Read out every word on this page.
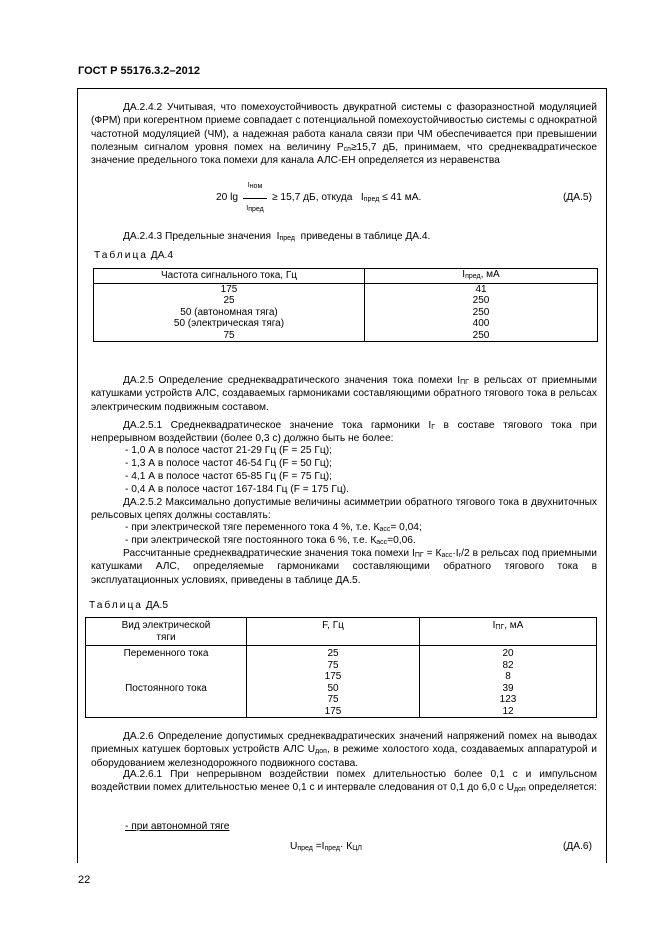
ГОСТ Р 55176.3.2–2012
ДА.2.4.2 Учитывая, что помехоустойчивость двукратной системы с фазоразностной модуляцией (ФРМ) при когерентном приеме совпадает с потенциальной помехоустойчивостью системы с однократной частотной модуляцией (ЧМ), а надежная работа канала связи при ЧМ обеспечивается при превышении полезным сигналом уровня помех на величину $Р_{сп}\ge 15,7$ дБ, принимаем, что среднеквадратическое значение предельного тока помехи для канала АЛС-ЕН определяется из неравенства
20 lg
$I_{ном}$
$I_{пред}$
≥ 15,7 дБ, откуда $I_{пред} \le 41$ мА.	(ДА.5)
ДА.2.4.3 Предельные значения $I_{пред}$ приведены в таблице ДА.4.
Таблица ДА.4
Частота сигнального тока, Гц	$I_{пред}$, мА
175	41
25	250
50 (автономная тяга)	250
50 (электрическая тяга)	400
75	250
ДА.2.5 Определение среднеквадратического значения тока помехи $I_{ПГ}$ в рельсах от приемными катушками устройств АЛС, создаваемых гармониками составляющими обратного тягового тока в рельсах электрическим подвижным составом.
ДА.2.5.1 Среднеквадратическое значение тока гармоники $I_Г$ в составе тягового тока при непрерывном воздействии (более 0,3 с) должно быть не более:
- 1,0 А в полосе частот 21-29 Гц (F = 25 Гц);
- 1,3 А в полосе частот 46-54 Гц (F = 50 Гц);
- 4,1 А в полосе частот 65-85 Гц (F = 75 Гц);
- 0,4 А в полосе частот 167-184 Гц (F = 175 Гц).
ДА.2.5.2 Максимально допустимые величины асимметрии обратного тягового тока в двухниточных рельсовых цепях должны составлять:
- при электрической тяге переменного тока 4 %, т.е. $К_{асс}= 0,04$;
- при электрической тяге постоянного тока 6 %, т.е. $К_{асс}=0,06$.
Рассчитанные среднеквадратические значения тока помехи $I_{ПГ} = К_{асс}\cdot I_г/2$ в рельсах под приемными катушками АЛС, определяемые гармониками составляющими обратного тягового тока в эксплуатационных условиях, приведены в таблице ДА.5.
Таблица ДА.5
Вид электрической
тяги	F, Гц	$I_{ПГ}$, мА
Переменного тока	25	20
	75	82
	175	8
Постоянного тока	50	39
	75	123
	175	12
ДА.2.6 Определение допустимых среднеквадратических значений напряжений помех на выводах приемных катушек бортовых устройств АЛС $U_{доп}$, в режиме холостого хода, создаваемых аппаратурой и оборудованием железнодорожного подвижного состава.
ДА.2.6.1 При непрерывном воздействии помех длительностью более 0,1 с и импульсном воздействии помех длительностью менее 0,1 с и интервале следования от 0,1 до 6,0 с $U_{доп}$ определяется:
- при автономной тяге
$U_{пред} =I_{пред}\cdot К_{ЦЛ}$	(ДА.6)
22
